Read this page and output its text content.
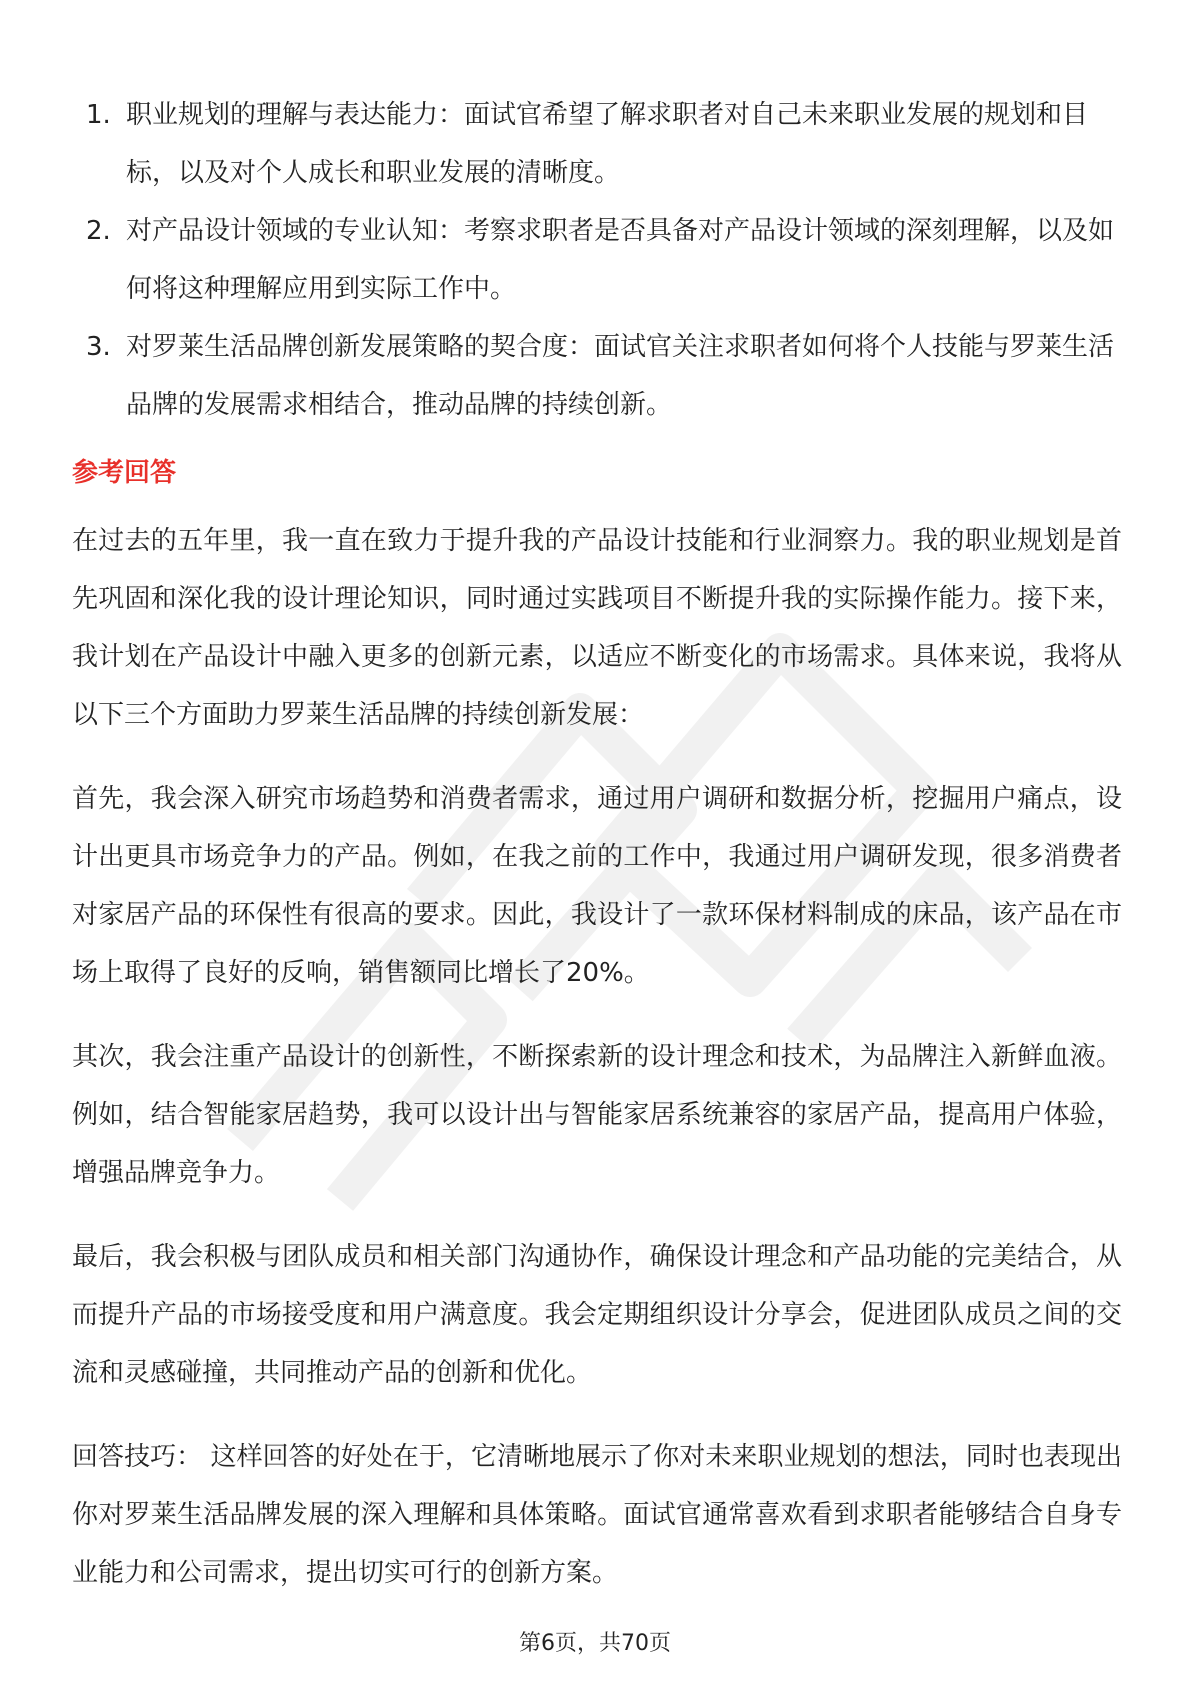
1. 职业规划的理解与表达能力：面试官希望了解求职者对自己未来职业发展的规划和目标，以及对个人成长和职业发展的清晰度。
2. 对产品设计领域的专业认知：考察求职者是否具备对产品设计领域的深刻理解，以及如何将这种理解应用到实际工作中。
3. 对罗莱生活品牌创新发展策略的契合度：面试官关注求职者如何将个人技能与罗莱生活品牌的发展需求相结合，推动品牌的持续创新。
参考回答

在过去的五年里，我一直在致力于提升我的产品设计技能和行业洞察力。我的职业规划是首先巩固和深化我的设计理论知识，同时通过实践项目不断提升我的实际操作能力。接下来，我计划在产品设计中融入更多的创新元素，以适应不断变化的市场需求。具体来说，我将从以下三个方面助力罗莱生活品牌的持续创新发展：

首先，我会深入研究市场趋势和消费者需求，通过用户调研和数据分析，挖掘用户痛点，设计出更具市场竞争力的产品。例如，在我之前的工作中，我通过用户调研发现，很多消费者对家居产品的环保性有很高的要求。因此，我设计了一款环保材料制成的床品，该产品在市场上取得了良好的反响，销售额同比增长了20%。

其次，我会注重产品设计的创新性，不断探索新的设计理念和技术，为品牌注入新鲜血液。例如，结合智能家居趋势，我可以设计出与智能家居系统兼容的家居产品，提高用户体验，增强品牌竞争力。

最后，我会积极与团队成员和相关部门沟通协作，确保设计理念和产品功能的完美结合，从而提升产品的市场接受度和用户满意度。我会定期组织设计分享会，促进团队成员之间的交流和灵感碰撞，共同推动产品的创新和优化。

回答技巧： 这样回答的好处在于，它清晰地展示了你对未来职业规划的想法，同时也表现出你对罗莱生活品牌发展的深入理解和具体策略。面试官通常喜欢看到求职者能够结合自身专业能力和公司需求，提出切实可行的创新方案。

第6页，共70页
